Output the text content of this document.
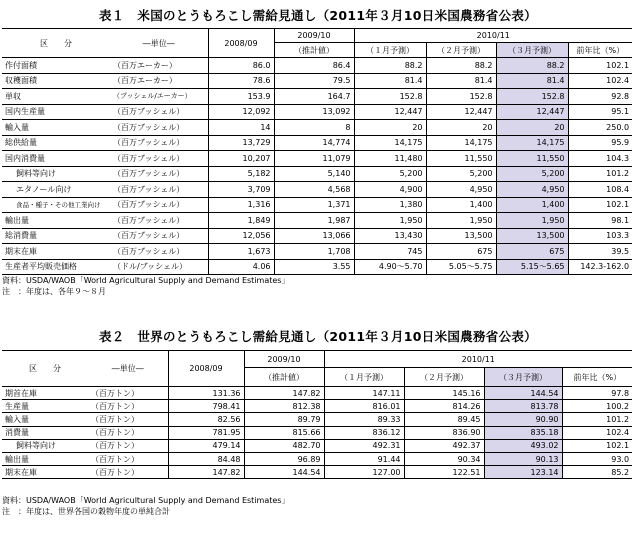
表１　米国のとうもろこし需給見通し（2011年３月10日米国農務省公表）
区　　分	―単位―	2008/09	2009/10	2010/11			
			（推計値）	（１月予測）	（２月予測）	（３月予測）	前年比（%）
作付面積	（百万エーカー）	86.0	86.4	88.2	88.2	88.2	102.1
収穫面積	（百万エーカー）	78.6	79.5	81.4	81.4	81.4	102.4
単収	（ブッシェル/エーカー）	153.9	164.7	152.8	152.8	152.8	92.8
国内生産量	（百万ブッシェル）	12,092	13,092	12,447	12,447	12,447	95.1
輸入量	（百万ブッシェル）	14	8	20	20	20	250.0
総供給量	（百万ブッシェル）	13,729	14,774	14,175	14,175	14,175	95.9
国内消費量	（百万ブッシェル）	10,207	11,079	11,480	11,550	11,550	104.3
飼料等向け	（百万ブッシェル）	5,182	5,140	5,200	5,200	5,200	101.2
エタノール向け	（百万ブッシェル）	3,709	4,568	4,900	4,950	4,950	108.4
食品・種子・その他工業向け	（百万ブッシェル）	1,316	1,371	1,380	1,400	1,400	102.1
輸出量	（百万ブッシェル）	1,849	1,987	1,950	1,950	1,950	98.1
総消費量	（百万ブッシェル）	12,056	13,066	13,430	13,500	13,500	103.3
期末在庫	（百万ブッシェル）	1,673	1,708	745	675	675	39.5
生産者平均販売価格	（ドル/ブッシェル）	4.06	3.55	4.90～5.70	5.05～5.75	5.15～5.65	142.3-162.0
資料：USDA/WAOB「World Agricultural Supply and Demand Estimates」
注　：年度は、各年９～８月
表２　世界のとうもろこし需給見通し（2011年３月10日米国農務省公表）
区　　分	―単位―	2008/09	2009/10	2010/11			
			（推計値）	（１月予測）	（２月予測）	（３月予測）	前年比（%）
期首在庫	（百万トン）	131.36	147.82	147.11	145.16	144.54	97.8
生産量	（百万トン）	798.41	812.38	816.01	814.26	813.78	100.2
輸入量	（百万トン）	82.56	89.79	89.33	89.45	90.90	101.2
消費量	（百万トン）	781.95	815.66	836.12	836.90	835.18	102.4
飼料等向け	（百万トン）	479.14	482.70	492.31	492.37	493.02	102.1
輸出量	（百万トン）	84.48	96.89	91.44	90.34	90.13	93.0
期末在庫	（百万トン）	147.82	144.54	127.00	122.51	123.14	85.2
資料：USDA/WAOB「World Agricultural Supply and Demand Estimates」
注　：年度は、世界各国の穀物年度の単純合計
